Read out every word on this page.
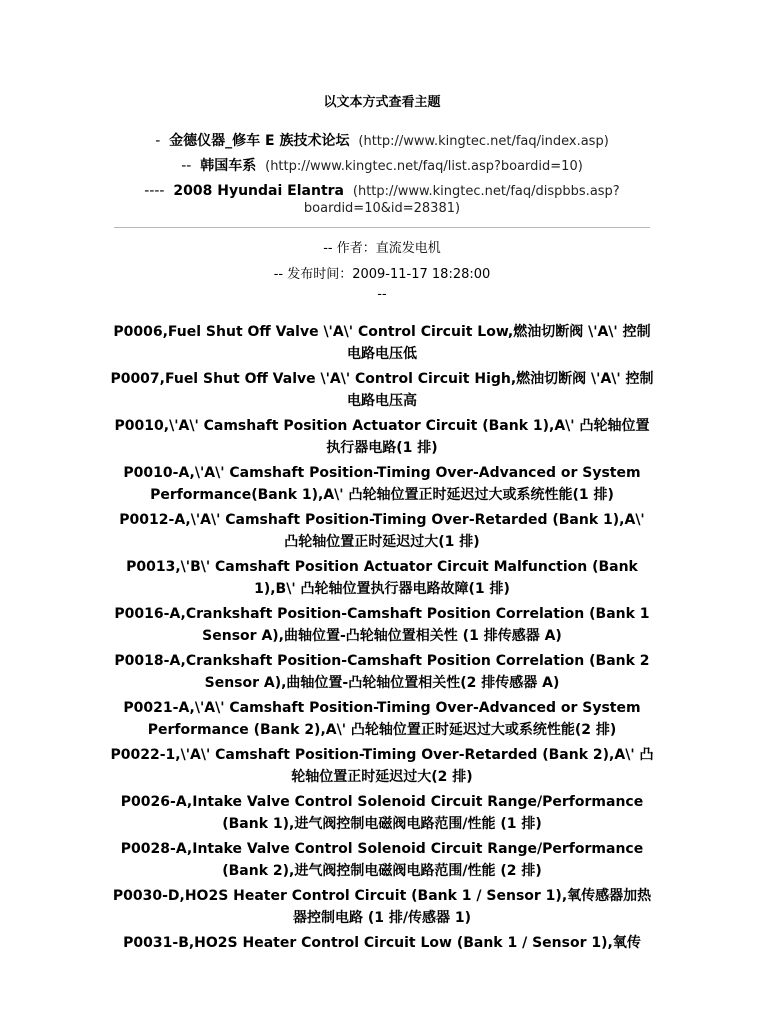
以文本方式查看主题
- 金德仪器_修车 E 族技术论坛 (http://www.kingtec.net/faq/index.asp)
-- 韩国车系 (http://www.kingtec.net/faq/list.asp?boardid=10)
---- 2008 Hyundai Elantra (http://www.kingtec.net/faq/dispbbs.asp?boardid=10&id=28381)
-- 作者：直流发电机
-- 发布时间：2009-11-17 18:28:00
--

P0006,Fuel Shut Off Valve \'A\' Control Circuit Low,燃油切断阀 \'A\' 控制电路电压低

P0007,Fuel Shut Off Valve \'A\' Control Circuit High,燃油切断阀 \'A\' 控制电路电压高

P0010,\'A\' Camshaft Position Actuator Circuit (Bank 1),A\' 凸轮轴位置执行器电路(1 排)

P0010-A,\'A\' Camshaft Position-Timing Over-Advanced or System Performance(Bank 1),A\' 凸轮轴位置正时延迟过大或系统性能(1 排)

P0012-A,\'A\' Camshaft Position-Timing Over-Retarded (Bank 1),A\' 凸轮轴位置正时延迟过大(1 排)

P0013,\'B\' Camshaft Position Actuator Circuit Malfunction (Bank 1),B\' 凸轮轴位置执行器电路故障(1 排)

P0016-A,Crankshaft Position-Camshaft Position Correlation (Bank 1 Sensor A),曲轴位置-凸轮轴位置相关性 (1 排传感器 A)

P0018-A,Crankshaft Position-Camshaft Position Correlation (Bank 2 Sensor A),曲轴位置-凸轮轴位置相关性(2 排传感器 A)

P0021-A,\'A\' Camshaft Position-Timing Over-Advanced or System Performance (Bank 2),A\' 凸轮轴位置正时延迟过大或系统性能(2 排)

P0022-1,\'A\' Camshaft Position-Timing Over-Retarded (Bank 2),A\' 凸轮轴位置正时延迟过大(2 排)

P0026-A,Intake Valve Control Solenoid Circuit Range/Performance (Bank 1),进气阀控制电磁阀电路范围/性能 (1 排)

P0028-A,Intake Valve Control Solenoid Circuit Range/Performance (Bank 2),进气阀控制电磁阀电路范围/性能 (2 排)

P0030-D,HO2S Heater Control Circuit (Bank 1 / Sensor 1),氧传感器加热器控制电路 (1 排/传感器 1)

P0031-B,HO2S Heater Control Circuit Low (Bank 1 / Sensor 1),氧传
